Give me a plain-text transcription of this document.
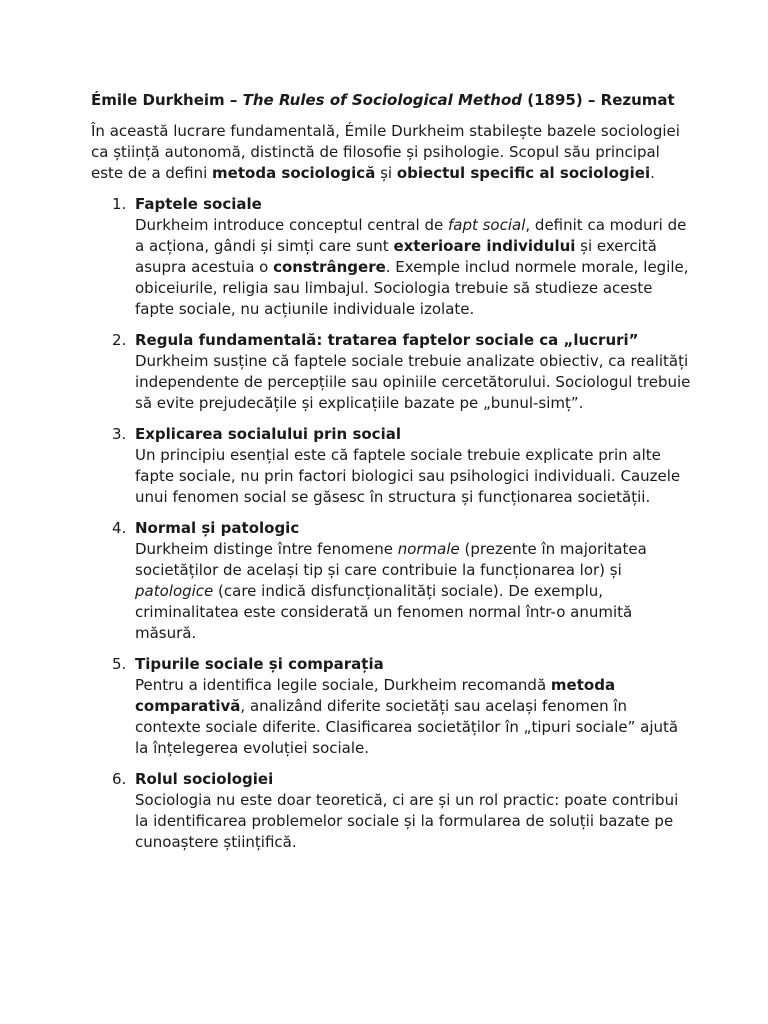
Émile Durkheim – The Rules of Sociological Method (1895) – Rezumat

În această lucrare fundamentală, Émile Durkheim stabilește bazele sociologiei ca știință autonomă, distinctă de filosofie și psihologie. Scopul său principal este de a defini metoda sociologică și obiectul specific al sociologiei.

1. Faptele sociale
Durkheim introduce conceptul central de fapt social, definit ca moduri de a acționa, gândi și simți care sunt exterioare individului și exercită asupra acestuia o constrângere. Exemple includ normele morale, legile, obiceiurile, religia sau limbajul. Sociologia trebuie să studieze aceste fapte sociale, nu acțiunile individuale izolate.
2. Regula fundamentală: tratarea faptelor sociale ca „lucruri”
Durkheim susține că faptele sociale trebuie analizate obiectiv, ca realități independente de percepțiile sau opiniile cercetătorului. Sociologul trebuie să evite prejudecățile și explicațiile bazate pe „bunul-simț”.
3. Explicarea socialului prin social
Un principiu esențial este că faptele sociale trebuie explicate prin alte fapte sociale, nu prin factori biologici sau psihologici individuali. Cauzele unui fenomen social se găsesc în structura și funcționarea societății.
4. Normal și patologic
Durkheim distinge între fenomene normale (prezente în majoritatea societăților de același tip și care contribuie la funcționarea lor) și patologice (care indică disfuncționalități sociale). De exemplu, criminalitatea este considerată un fenomen normal într-o anumită măsură.
5. Tipurile sociale și comparația
Pentru a identifica legile sociale, Durkheim recomandă metoda comparativă, analizând diferite societăți sau același fenomen în contexte sociale diferite. Clasificarea societăților în „tipuri sociale” ajută la înțelegerea evoluției sociale.
6. Rolul sociologiei
Sociologia nu este doar teoretică, ci are și un rol practic: poate contribui la identificarea problemelor sociale și la formularea de soluții bazate pe cunoaștere științifică.
